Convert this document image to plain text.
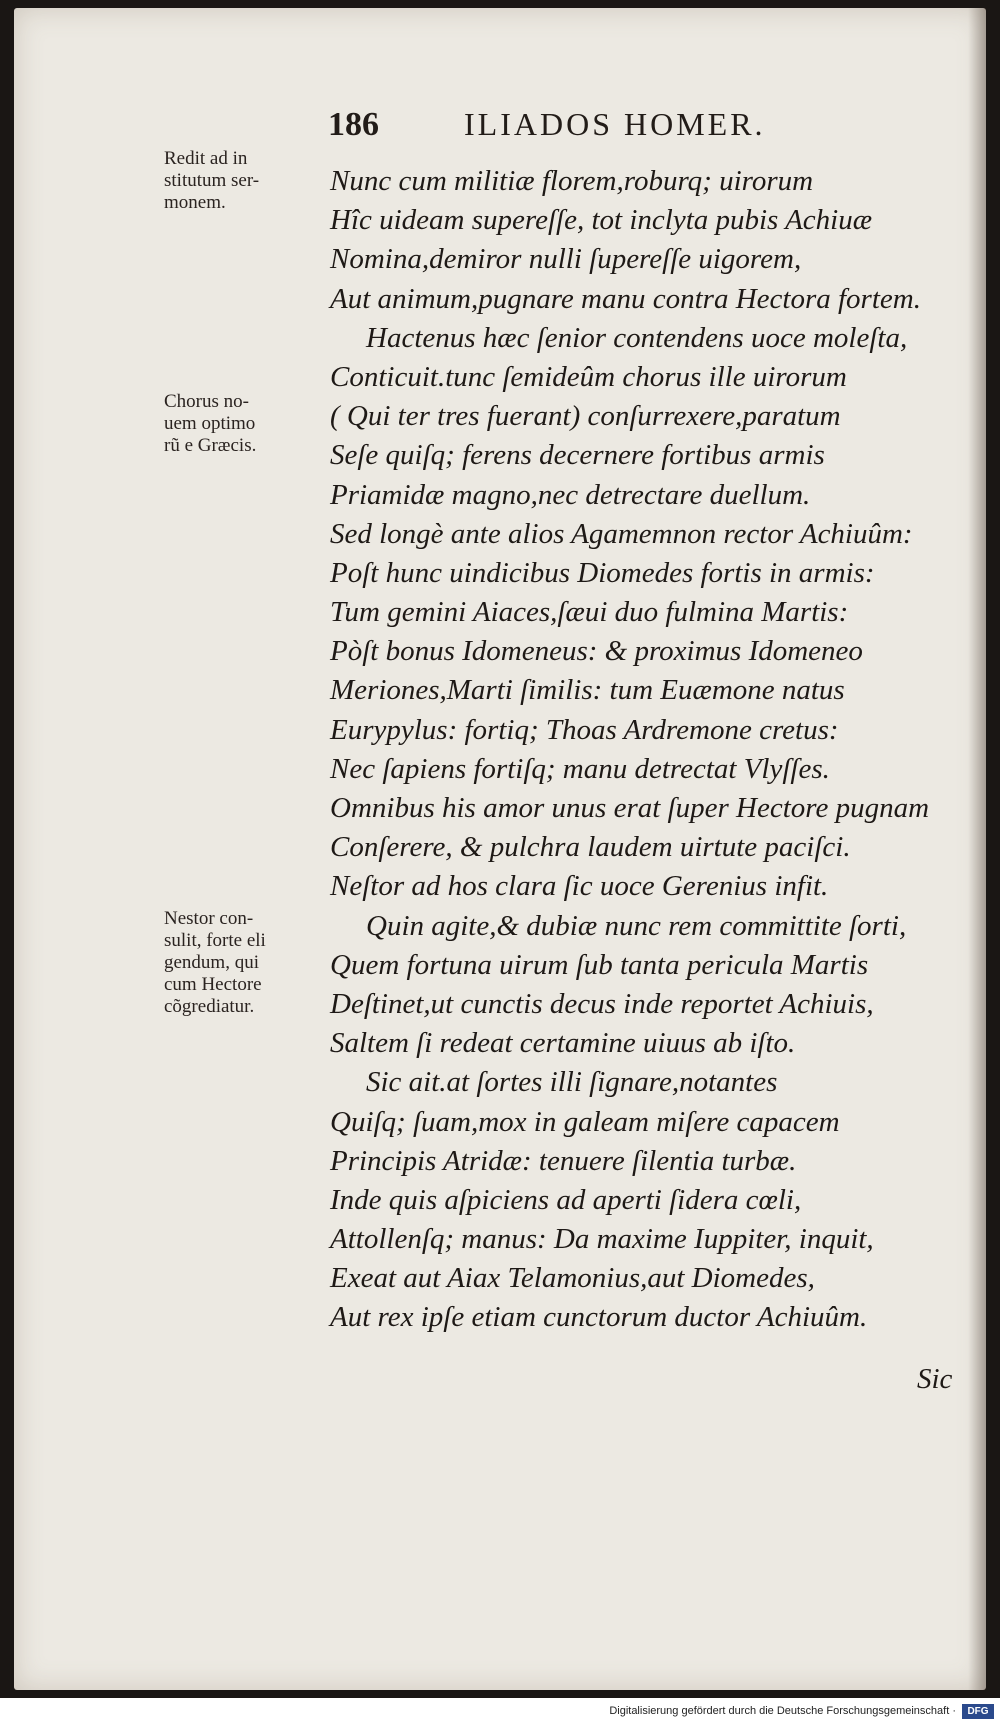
186	ILIADOS HOMER.
Redit ad in
stitutum ser-
monem.
Chorus no-
uem optimo
rũ e Græcis.
Nestor con-
sulit, forte eli
gendum, qui
cum Hectore
cõgrediatur.
Nunc cum militiæ florem,roburq; uirorum
Hîc uideam supereſſe, tot inclyta pubis Achiuæ
Nomina,demiror nulli ſupereſſe uigorem,
Aut animum,pugnare manu contra Hectora fortem.
Hactenus hæc ſenior contendens uoce moleſta,
Conticuit.tunc ſemideûm chorus ille uirorum
( Qui ter tres fuerant) conſurrexere,paratum
Seſe quiſq; ferens decernere fortibus armis
Priamidæ magno,nec detrectare duellum.
Sed longè ante alios Agamemnon rector Achiuûm:
Poſt hunc uindicibus Diomedes fortis in armis:
Tum gemini Aiaces,ſæui duo fulmina Martis:
Pòſt bonus Idomeneus: & proximus Idomeneo
Meriones,Marti ſimilis: tum Euæmone natus
Eurypylus: fortiq; Thoas Ardremone cretus:
Nec ſapiens fortiſq; manu detrectat Vlyſſes.
Omnibus his amor unus erat ſuper Hectore pugnam
Conſerere, & pulchra laudem uirtute paciſci.
Neſtor ad hos clara ſic uoce Gerenius infit.
Quin agite,& dubiæ nunc rem committite ſorti,
Quem fortuna uirum ſub tanta pericula Martis
Deſtinet,ut cunctis decus inde reportet Achiuis,
Saltem ſi redeat certamine uiuus ab iſto.
Sic ait.at ſortes illi ſignare,notantes
Quiſq; ſuam,mox in galeam miſere capacem
Principis Atridæ: tenuere ſilentia turbæ.
Inde quis aſpiciens ad aperti ſidera cœli,
Attollenſq; manus: Da maxime Iuppiter, inquit,
Exeat aut Aiax Telamonius,aut Diomedes,
Aut rex ipſe etiam cunctorum ductor Achiuûm.
Sic
Digitalisierung gefördert durch die Deutsche Forschungsgemeinschaft ·	DFG
